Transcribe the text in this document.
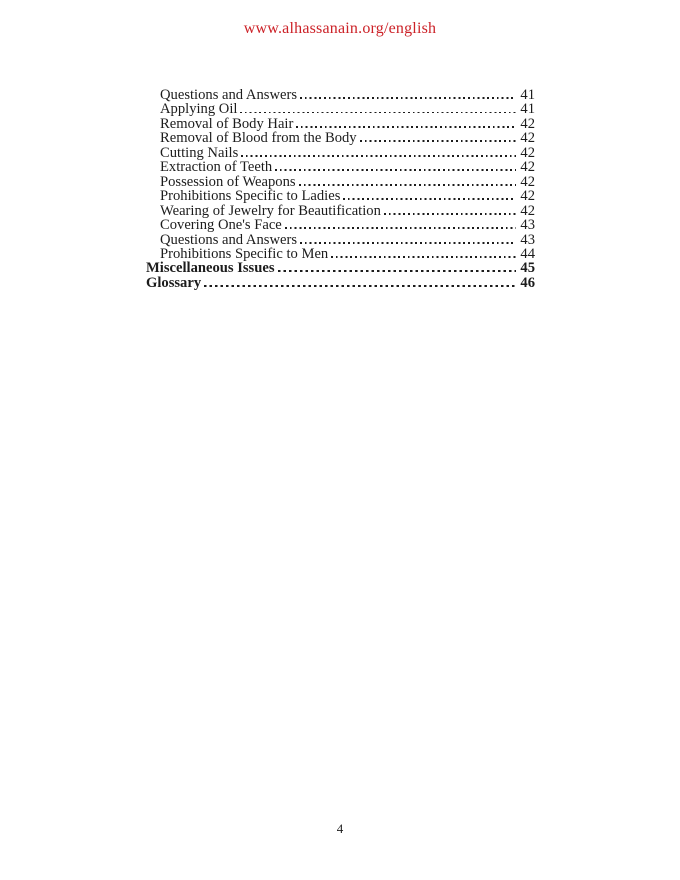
www.alhassanain.org/english
Questions and Answers	41
Applying Oil	41
Removal of Body Hair	42
Removal of Blood from the Body	42
Cutting Nails	42
Extraction of Teeth	42
Possession of Weapons	42
Prohibitions Specific to Ladies	42
Wearing of Jewelry for Beautification	42
Covering One's Face	43
Questions and Answers	43
Prohibitions Specific to Men	44
Miscellaneous Issues	45
Glossary	46
4
